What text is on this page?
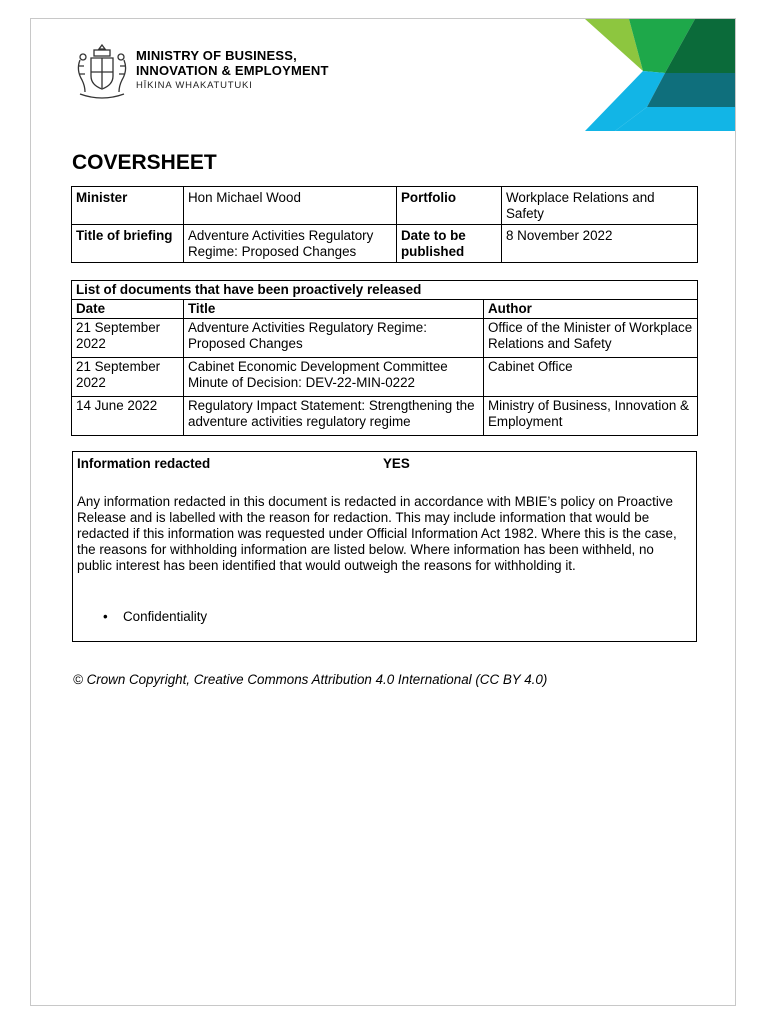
MINISTRY OF BUSINESS,
INNOVATION & EMPLOYMENT
HĪKINA WHAKATUTUKI
COVERSHEET
Minister	Hon Michael Wood	Portfolio	Workplace Relations and Safety
Title of briefing	Adventure Activities Regulatory Regime: Proposed Changes	Date to be published	8 November 2022
List of documents that have been proactively released		
Date	Title	Author
21 September 2022	Adventure Activities Regulatory Regime: Proposed Changes	Office of the Minister of Workplace Relations and Safety
21 September 2022	Cabinet Economic Development Committee Minute of Decision: DEV-22-MIN-0222	Cabinet Office
14 June 2022	Regulatory Impact Statement: Strengthening the adventure activities regulatory regime	Ministry of Business, Innovation & Employment
Information redacted	YES

Any information redacted in this document is redacted in accordance with MBIE’s policy on Proactive Release and is labelled with the reason for redaction. This may include information that would be redacted if this information was requested under Official Information Act 1982. Where this is the case, the reasons for withholding information are listed below. Where information has been withheld, no public interest has been identified that would outweigh the reasons for withholding it.

• Confidentiality
© Crown Copyright, Creative Commons Attribution 4.0 International (CC BY 4.0)
